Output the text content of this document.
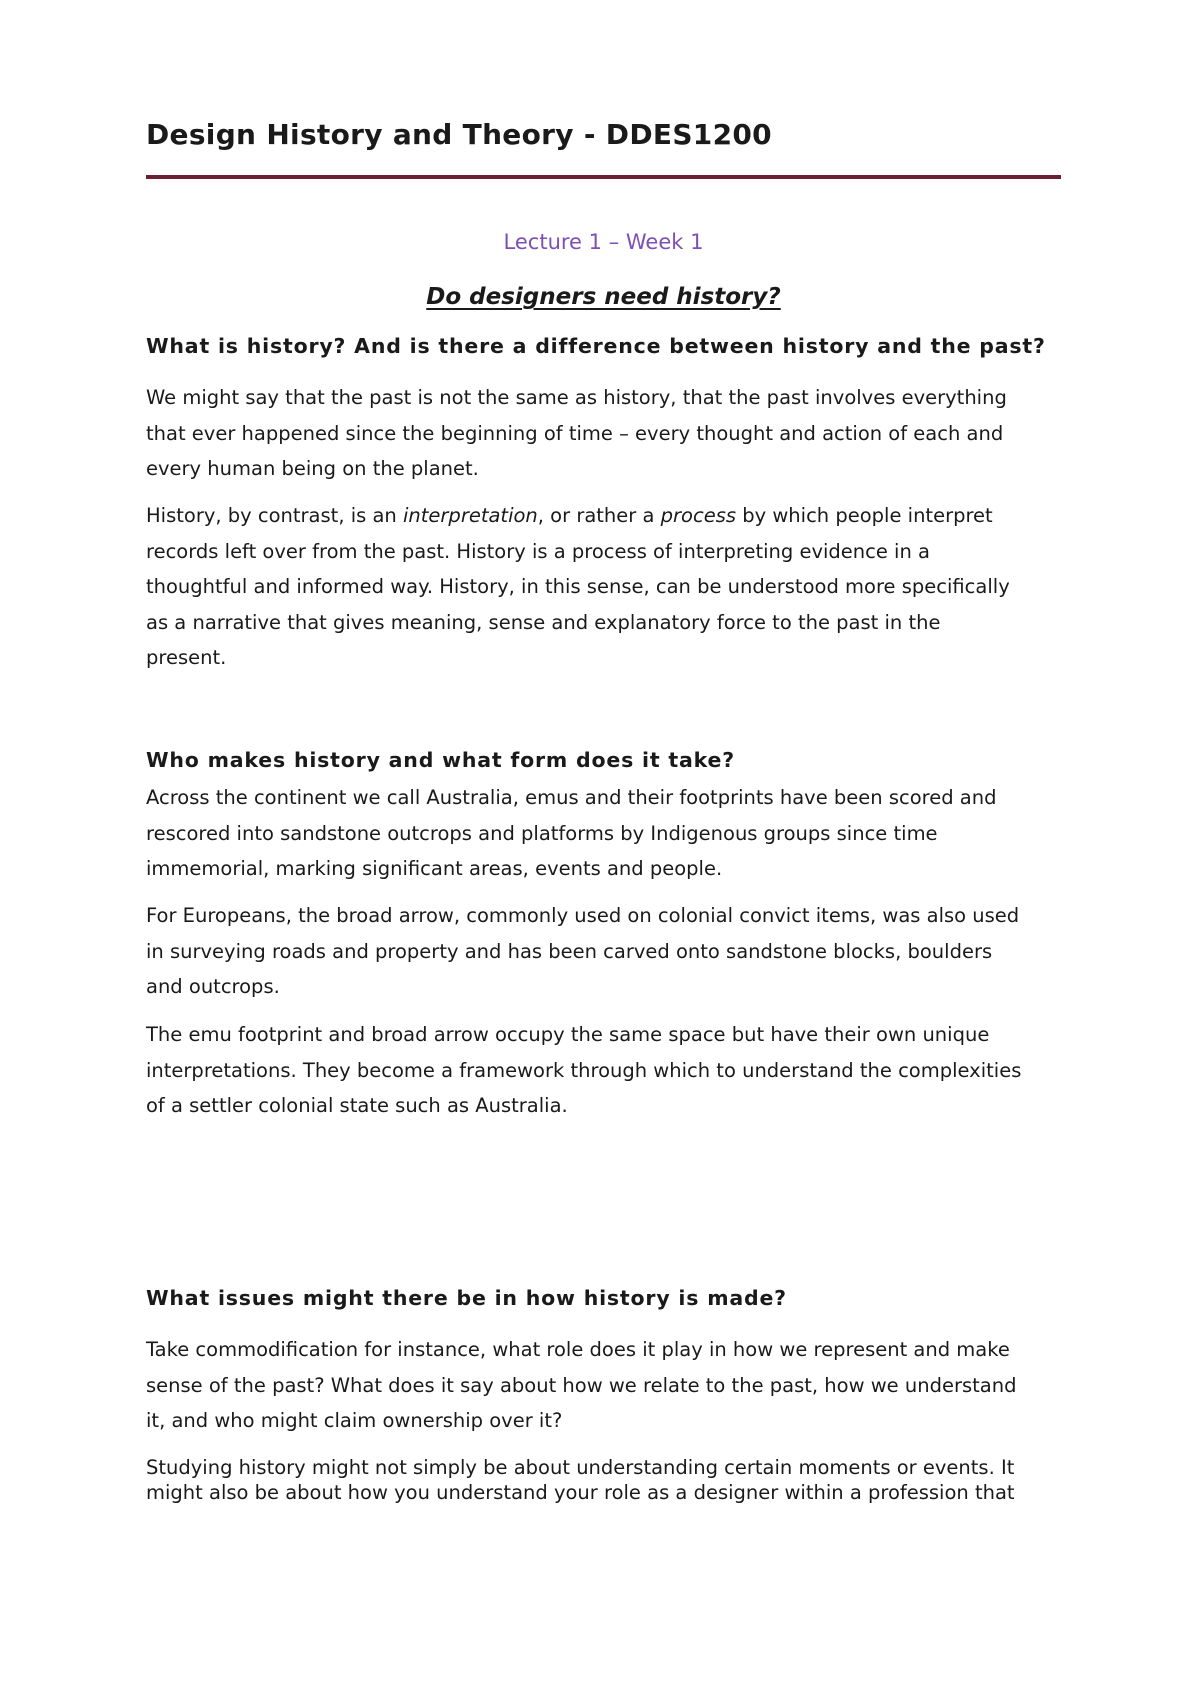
Design History and Theory - DDES1200
Lecture 1 – Week 1
Do designers need history?
What is history? And is there a difference between history and the past?

We might say that the past is not the same as history, that the past involves everything
that ever happened since the beginning of time – every thought and action of each and
every human being on the planet.

History, by contrast, is an interpretation, or rather a process by which people interpret
records left over from the past. History is a process of interpreting evidence in a
thoughtful and informed way. History, in this sense, can be understood more specifically
as a narrative that gives meaning, sense and explanatory force to the past in the
present.

Who makes history and what form does it take?

Across the continent we call Australia, emus and their footprints have been scored and
rescored into sandstone outcrops and platforms by Indigenous groups since time
immemorial, marking significant areas, events and people.

For Europeans, the broad arrow, commonly used on colonial convict items, was also used
in surveying roads and property and has been carved onto sandstone blocks, boulders
and outcrops.

The emu footprint and broad arrow occupy the same space but have their own unique
interpretations. They become a framework through which to understand the complexities
of a settler colonial state such as Australia.

What issues might there be in how history is made?

Take commodification for instance, what role does it play in how we represent and make
sense of the past? What does it say about how we relate to the past, how we understand
it, and who might claim ownership over it?

Studying history might not simply be about understanding certain moments or events. It
might also be about how you understand your role as a designer within a profession that
